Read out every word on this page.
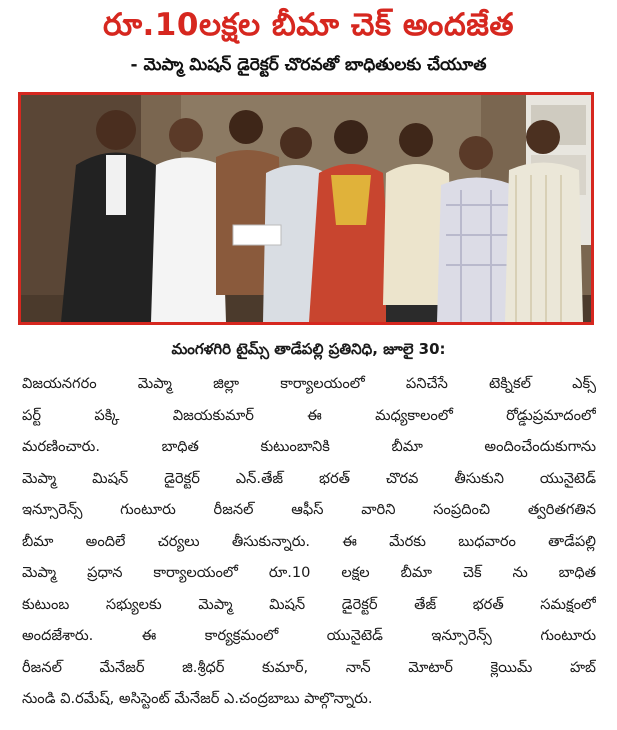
రూ.10లక్షల బీమా చెక్ అందజేత
- మెప్మా మిషన్ డైరెక్టర్ చొరవతో బాధితులకు చేయూత
మంగళగిరి టైమ్స్ తాడేపల్లి ప్రతినిధి, జూలై 30:
విజయనగరం మెప్మా జిల్లా కార్యాలయంలో పనిచేసే టెక్నికల్ ఎక్స్
పర్ట్ పక్కి విజయకుమార్ ఈ మధ్యకాలంలో రోడ్డుప్రమాదంలో
మరణించారు. బాధిత కుటుంబానికి బీమా అందించేందుకుగాను
మెప్మా మిషన్ డైరెక్టర్ ఎన్.తేజ్ భరత్ చొరవ తీసుకుని యునైటెడ్
ఇన్సూరెన్స్ గుంటూరు రీజనల్ ఆఫీస్ వారిని సంప్రదించి త్వరితగతిన
బీమా అందిలే చర్యలు తీసుకున్నారు. ఈ మేరకు బుధవారం తాడేపల్లి
మెప్మా ప్రధాన కార్యాలయంలో రూ.10 లక్షల బీమా చెక్ ను బాధిత
కుటుంబ సభ్యులకు మెప్మా మిషన్ డైరెక్టర్ తేజ్ భరత్ సమక్షంలో
అందజేశారు. ఈ కార్యక్రమంలో యునైటెడ్ ఇన్సూరెన్స్ గుంటూరు
రీజనల్ మేనేజర్ జి.శ్రీధర్ కుమార్, నాన్ మోటార్ క్లెయిమ్ హబ్
నుండి వి.రమేష్, అసిస్టెంట్ మేనేజర్ ఎ.చంద్రబాబు పాల్గొన్నారు.
